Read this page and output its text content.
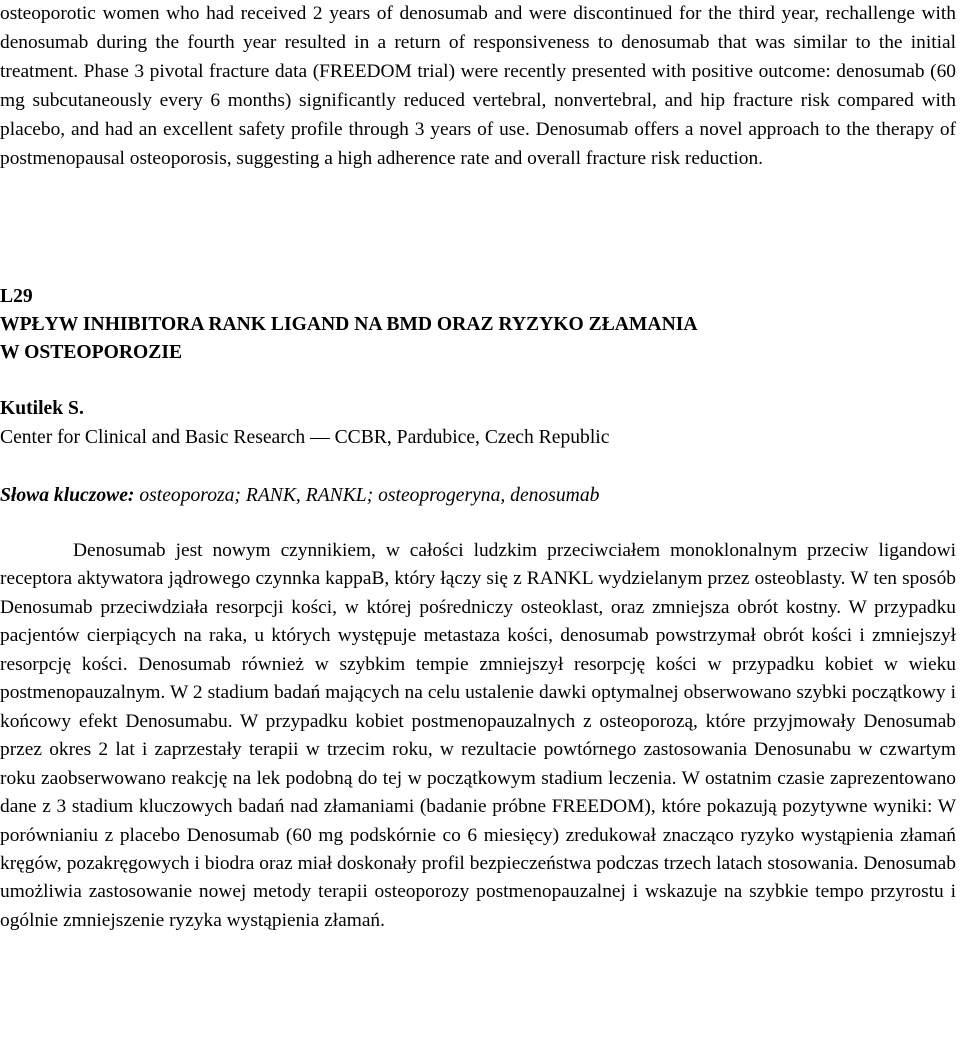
osteoporotic women who had received 2 years of denosumab and were discontinued for the third year, rechallenge with denosumab during the fourth year resulted in a return of responsiveness to denosumab that was similar to the initial treatment. Phase 3 pivotal fracture data (FREEDOM trial) were recently presented with positive outcome: denosumab (60 mg subcutaneously every 6 months) significantly reduced vertebral, nonvertebral, and hip fracture risk compared with placebo, and had an excellent safety profile through 3 years of use. Denosumab offers a novel approach to the therapy of postmenopausal osteoporosis, suggesting a high adherence rate and overall fracture risk reduction.

L29

WPŁYW INHIBITORA RANK LIGAND NA BMD ORAZ RYZYKO ZŁAMANIA
W OSTEOPOROZIE

Kutilek S.

Center for Clinical and Basic Research — CCBR, Pardubice, Czech Republic

Słowa kluczowe: osteoporoza; RANK, RANKL; osteoprogeryna, denosumab

Denosumab jest nowym czynnikiem, w całości ludzkim przeciwciałem monoklonalnym przeciw ligandowi receptora aktywatora jądrowego czynnka kappaB, który łączy się z RANKL wydzielanym przez osteoblasty. W ten sposób Denosumab przeciwdziała resorpcji kości, w której pośredniczy osteoklast, oraz zmniejsza obrót kostny. W przypadku pacjentów cierpiących na raka, u których występuje metastaza kości, denosumab powstrzymał obrót kości i zmniejszył resorpcję kości. Denosumab również w szybkim tempie zmniejszył resorpcję kości w przypadku kobiet w wieku postmenopauzalnym. W 2 stadium badań mających na celu ustalenie dawki optymalnej obserwowano szybki początkowy i końcowy efekt Denosumabu. W przypadku kobiet postmenopauzalnych z osteoporozą, które przyjmowały Denosumab przez okres 2 lat i zaprzestały terapii w trzecim roku, w rezultacie powtórnego zastosowania Denosunabu w czwartym roku zaobserwowano reakcję na lek podobną do tej w początkowym stadium leczenia. W ostatnim czasie zaprezentowano dane z 3 stadium kluczowych badań nad złamaniami (badanie próbne FREEDOM), które pokazują pozytywne wyniki: W porównianiu z placebo Denosumab (60 mg podskórnie co 6 miesięcy) zredukował znacząco ryzyko wystąpienia złamań kręgów, pozakręgowych i biodra oraz miał doskonały profil bezpieczeństwa podczas trzech latach stosowania. Denosumab umożliwia zastosowanie nowej metody terapii osteoporozy postmenopauzalnej i wskazuje na szybkie tempo przyrostu i ogólnie zmniejszenie ryzyka wystąpienia złamań.
